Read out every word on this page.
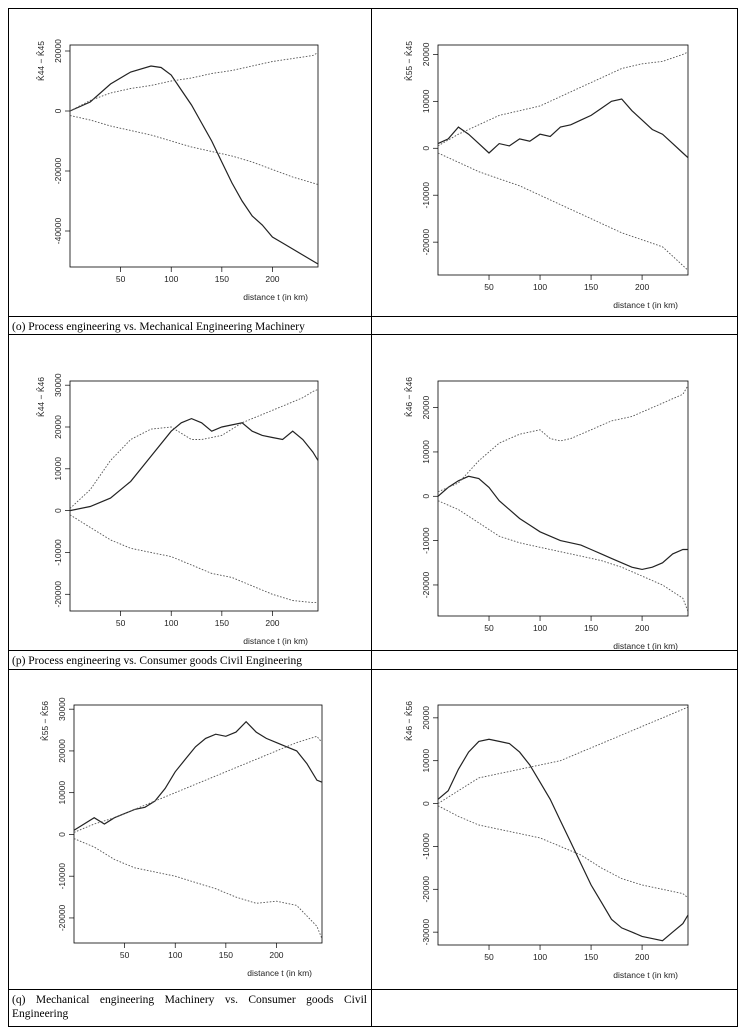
(o) Process engineering vs. Mechanical Engineering Machinery
(p) Process engineering vs. Consumer goods Civil Engineering
(q) Mechanical engineering Machinery vs. Consumer goods Civil Engineering
50	100	150	200
-40000
-20000
0
20000
distance t (in km)
K̂44 − K̂45
50	100	150	200
-20000
-10000
0
10000
20000
distance t (in km)
K̂55 − K̂45
50	100	150	200
-20000
-10000
0
10000
20000
30000
distance t (in km)
K̂44 − K̂46
50	100	150	200
-20000
-10000
0
10000
20000
distance t (in km)
K̂46 − K̂46
50	100	150	200
-20000
-10000
0
10000
20000
30000
distance t (in km)
K̂55 − K̂56
50	100	150	200
-30000
-20000
-10000
0
10000
20000
distance t (in km)
K̂46 − K̂56
